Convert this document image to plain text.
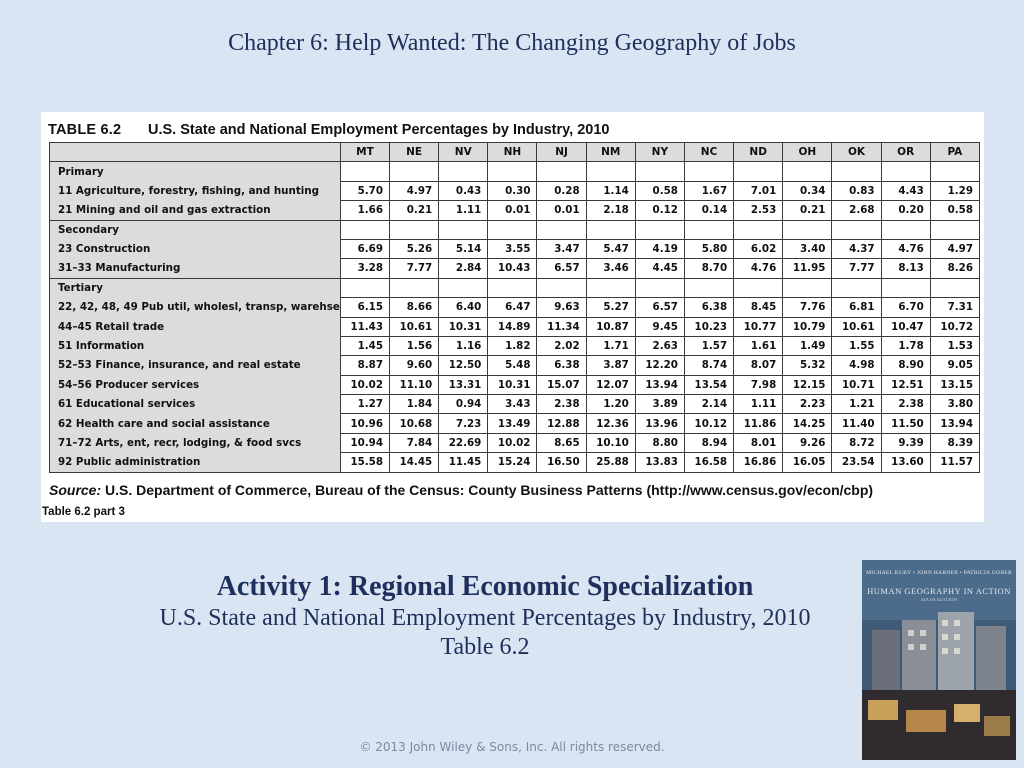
Chapter 6: Help Wanted: The Changing Geography of Jobs
TABLE 6.2	U.S. State and National Employment Percentages by Industry, 2010
	MT	NE	NV	NH	NJ	NM	NY	NC	ND	OH	OK	OR	PA
Primary													
11 Agriculture, forestry, fishing, and hunting	5.70	4.97	0.43	0.30	0.28	1.14	0.58	1.67	7.01	0.34	0.83	4.43	1.29
21 Mining and oil and gas extraction	1.66	0.21	1.11	0.01	0.01	2.18	0.12	0.14	2.53	0.21	2.68	0.20	0.58
Secondary													
23 Construction	6.69	5.26	5.14	3.55	3.47	5.47	4.19	5.80	6.02	3.40	4.37	4.76	4.97
31–33 Manufacturing	3.28	7.77	2.84	10.43	6.57	3.46	4.45	8.70	4.76	11.95	7.77	8.13	8.26
Tertiary													
22, 42, 48, 49 Pub util, wholesl, transp, warehse	6.15	8.66	6.40	6.47	9.63	5.27	6.57	6.38	8.45	7.76	6.81	6.70	7.31
44–45 Retail trade	11.43	10.61	10.31	14.89	11.34	10.87	9.45	10.23	10.77	10.79	10.61	10.47	10.72
51 Information	1.45	1.56	1.16	1.82	2.02	1.71	2.63	1.57	1.61	1.49	1.55	1.78	1.53
52–53 Finance, insurance, and real estate	8.87	9.60	12.50	5.48	6.38	3.87	12.20	8.74	8.07	5.32	4.98	8.90	9.05
54–56 Producer services	10.02	11.10	13.31	10.31	15.07	12.07	13.94	13.54	7.98	12.15	10.71	12.51	13.15
61 Educational services	1.27	1.84	0.94	3.43	2.38	1.20	3.89	2.14	1.11	2.23	1.21	2.38	3.80
62 Health care and social assistance	10.96	10.68	7.23	13.49	12.88	12.36	13.96	10.12	11.86	14.25	11.40	11.50	13.94
71–72 Arts, ent, recr, lodging, & food svcs	10.94	7.84	22.69	10.02	8.65	10.10	8.80	8.94	8.01	9.26	8.72	9.39	8.39
92 Public administration	15.58	14.45	11.45	15.24	16.50	25.88	13.83	16.58	16.86	16.05	23.54	13.60	11.57
Source: U.S. Department of Commerce, Bureau of the Census: County Business Patterns (http://www.census.gov/econ/cbp)
Table 6.2 part 3
Activity 1: Regional Economic Specialization
U.S. State and National Employment Percentages by Industry, 2010
Table 6.2
MICHAEL KUBY • JOHN HARNER • PATRICIA GOBER
HUMAN GEOGRAPHY IN ACTION
SIXTH EDITION
© 2013 John Wiley & Sons, Inc. All rights reserved.
